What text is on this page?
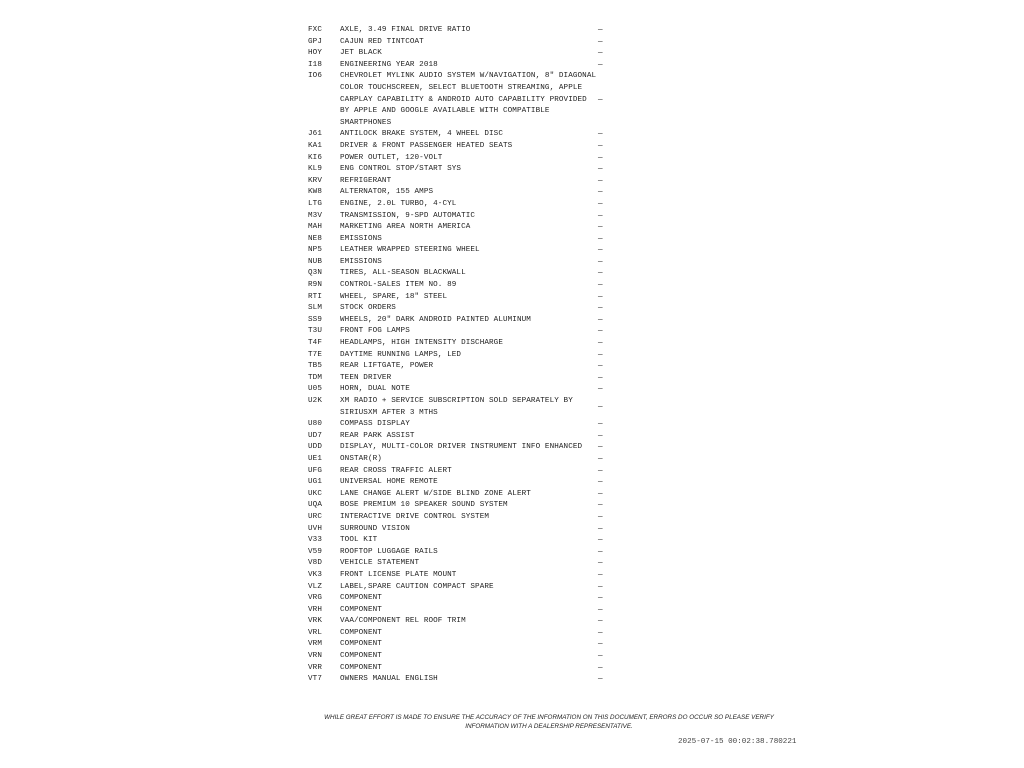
FXC	AXLE, 3.49 FINAL DRIVE RATIO	—
GPJ	CAJUN RED TINTCOAT	—
HOY	JET BLACK	—
I18	ENGINEERING YEAR 2018	—
IO6	CHEVROLET MYLINK AUDIO SYSTEM W/NAVIGATION, 8" DIAGONAL
COLOR TOUCHSCREEN, SELECT BLUETOOTH STREAMING, APPLE
CARPLAY CAPABILITY & ANDROID AUTO CAPABILITY PROVIDED
BY APPLE AND GOOGLE AVAILABLE WITH COMPATIBLE
SMARTPHONES
—
J61	ANTILOCK BRAKE SYSTEM, 4 WHEEL DISC	—
KA1	DRIVER & FRONT PASSENGER HEATED SEATS	—
KI6	POWER OUTLET, 120-VOLT	—
KL9	ENG CONTROL STOP/START SYS	—
KRV	REFRIGERANT	—
KW8	ALTERNATOR, 155 AMPS	—
LTG	ENGINE, 2.0L TURBO, 4-CYL	—
M3V	TRANSMISSION, 9-SPD AUTOMATIC	—
MAH	MARKETING AREA NORTH AMERICA	—
NE8	EMISSIONS	—
NP5	LEATHER WRAPPED STEERING WHEEL	—
NUB	EMISSIONS	—
Q3N	TIRES, ALL-SEASON BLACKWALL	—
R9N	CONTROL-SALES ITEM NO. 89	—
RTI	WHEEL, SPARE, 18" STEEL	—
SLM	STOCK ORDERS	—
SS9	WHEELS, 20" DARK ANDROID PAINTED ALUMINUM	—
T3U	FRONT FOG LAMPS	—
T4F	HEADLAMPS, HIGH INTENSITY DISCHARGE	—
T7E	DAYTIME RUNNING LAMPS, LED	—
TB5	REAR LIFTGATE, POWER	—
TDM	TEEN DRIVER	—
U05	HORN, DUAL NOTE	—
U2K	XM RADIO + SERVICE SUBSCRIPTION SOLD SEPARATELY BY
SIRIUSXM AFTER 3 MTHS
—
U80	COMPASS DISPLAY	—
UD7	REAR PARK ASSIST	—
UDD	DISPLAY, MULTI-COLOR DRIVER INSTRUMENT INFO ENHANCED	—
UE1	ONSTAR(R)	—
UFG	REAR CROSS TRAFFIC ALERT	—
UG1	UNIVERSAL HOME REMOTE	—
UKC	LANE CHANGE ALERT W/SIDE BLIND ZONE ALERT	—
UQA	BOSE PREMIUM 10 SPEAKER SOUND SYSTEM	—
URC	INTERACTIVE DRIVE CONTROL SYSTEM	—
UVH	SURROUND VISION	—
V33	TOOL KIT	—
V59	ROOFTOP LUGGAGE RAILS	—
V8D	VEHICLE STATEMENT	—
VK3	FRONT LICENSE PLATE MOUNT	—
VLZ	LABEL,SPARE CAUTION COMPACT SPARE	—
VRG	COMPONENT	—
VRH	COMPONENT	—
VRK	VAA/COMPONENT REL ROOF TRIM	—
VRL	COMPONENT	—
VRM	COMPONENT	—
VRN	COMPONENT	—
VRR	COMPONENT	—
VT7	OWNERS MANUAL ENGLISH	—
WHILE GREAT EFFORT IS MADE TO ENSURE THE ACCURACY OF THE INFORMATION ON THIS DOCUMENT, ERRORS DO OCCUR SO PLEASE VERIFY INFORMATION WITH A DEALERSHIP REPRESENTATIVE.
2025-07-15 00:02:38.780221
